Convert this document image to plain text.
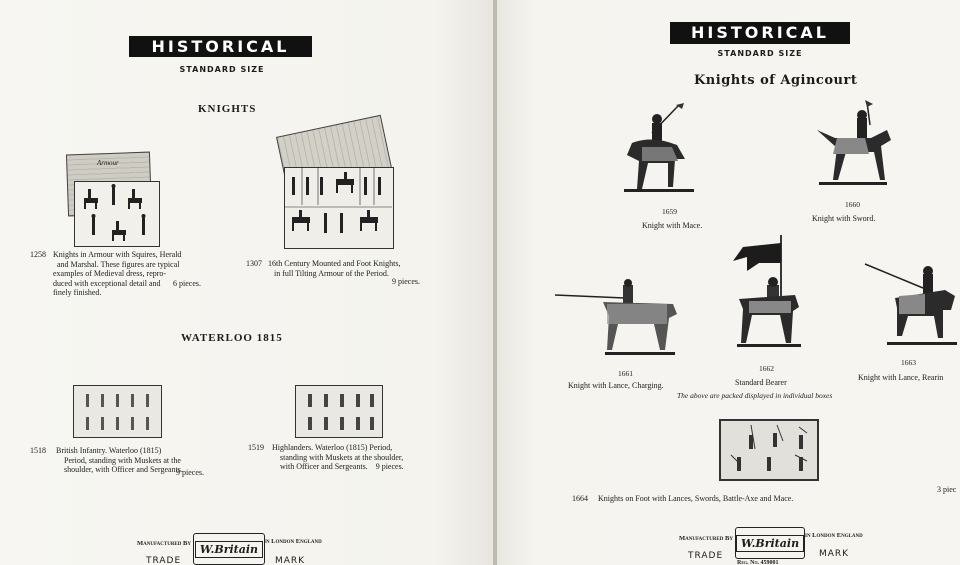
HISTORICAL
STANDARD SIZE
KNIGHTS
Armour
1258 Knights in Armour with Squires, Herald
and Marshal. These figures are typical
examples of Medieval dress, repro-
duced with exceptional detail and
finely finished.
6 pieces.
1307 16th Century Mounted and Foot Knights,
in full Tilting Armour of the Period.
9 pieces.
WATERLOO 1815
1518 British Infantry. Waterloo (1815)
Period, standing with Muskets at the
shoulder, with Officer and Sergeants.
9 pieces.
1519 Highlanders. Waterloo (1815) Period,
standing with Muskets at the shoulder,
with Officer and Sergeants. 9 pieces.
Manufactured By W.Britain
in London England
TRADE	MARK
HISTORICAL
STANDARD SIZE
Knights of Agincourt
1659
Knight with Mace.
1660
Knight with Sword.
1661
Knight with Lance, Charging.
1662
Standard Bearer
1663
Knight with Lance, Rearin
The above are packed displayed in individual boxes
1664 Knights on Foot with Lances, Swords, Battle-Axe and Mace.
3 piec
Manufactured By W.Britain
in London England
TRADE	MARK
Reg. No. 459001
